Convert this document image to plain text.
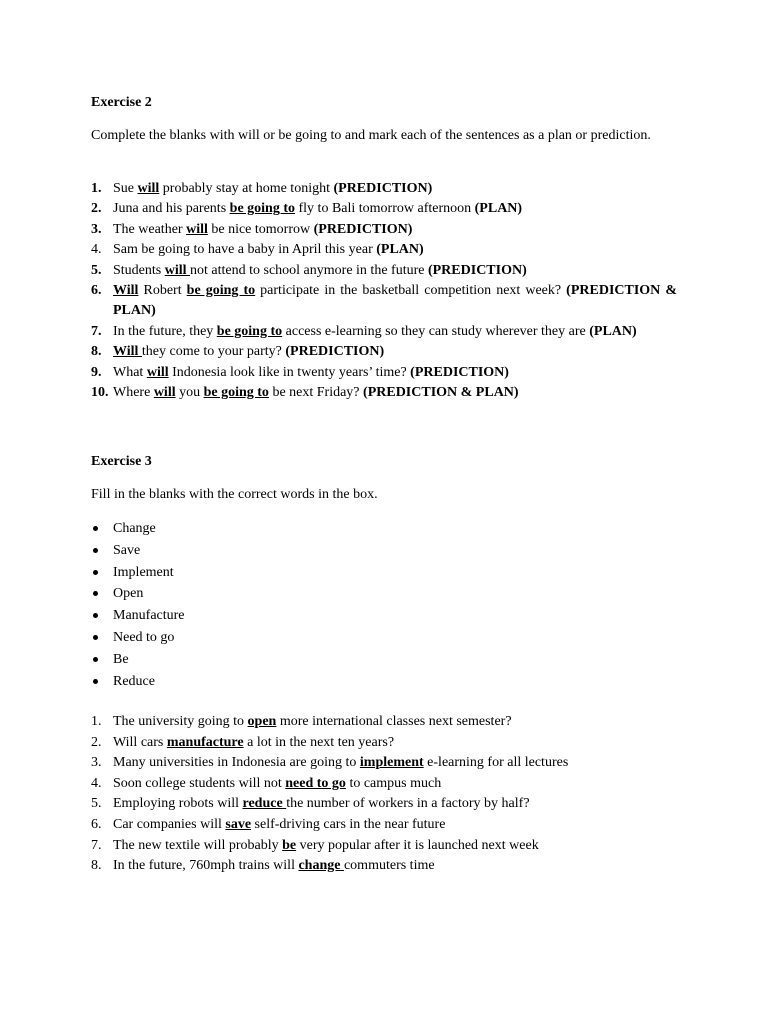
Exercise 2
Complete the blanks with will or be going to and mark each of the sentences as a plan or prediction.
1. Sue will probably stay at home tonight (PREDICTION)
2. Juna and his parents be going to fly to Bali tomorrow afternoon (PLAN)
3. The weather will be nice tomorrow (PREDICTION)
4. Sam be going to have a baby in April this year (PLAN)
5. Students will not attend to school anymore in the future (PREDICTION)
6. Will Robert be going to participate in the basketball competition next week? (PREDICTION & PLAN)
7. In the future, they be going to access e-learning so they can study wherever they are (PLAN)
8. Will they come to your party? (PREDICTION)
9. What will Indonesia look like in twenty years’ time? (PREDICTION)
10. Where will you be going to be next Friday? (PREDICTION & PLAN)
Exercise 3
Fill in the blanks with the correct words in the box.
Change
Save
Implement
Open
Manufacture
Need to go
Be
Reduce
1. The university going to open more international classes next semester?
2. Will cars manufacture a lot in the next ten years?
3. Many universities in Indonesia are going to implement e-learning for all lectures
4. Soon college students will not need to go to campus much
5. Employing robots will reduce the number of workers in a factory by half?
6. Car companies will save self-driving cars in the near future
7. The new textile will probably be very popular after it is launched next week
8. In the future, 760mph trains will change commuters time
